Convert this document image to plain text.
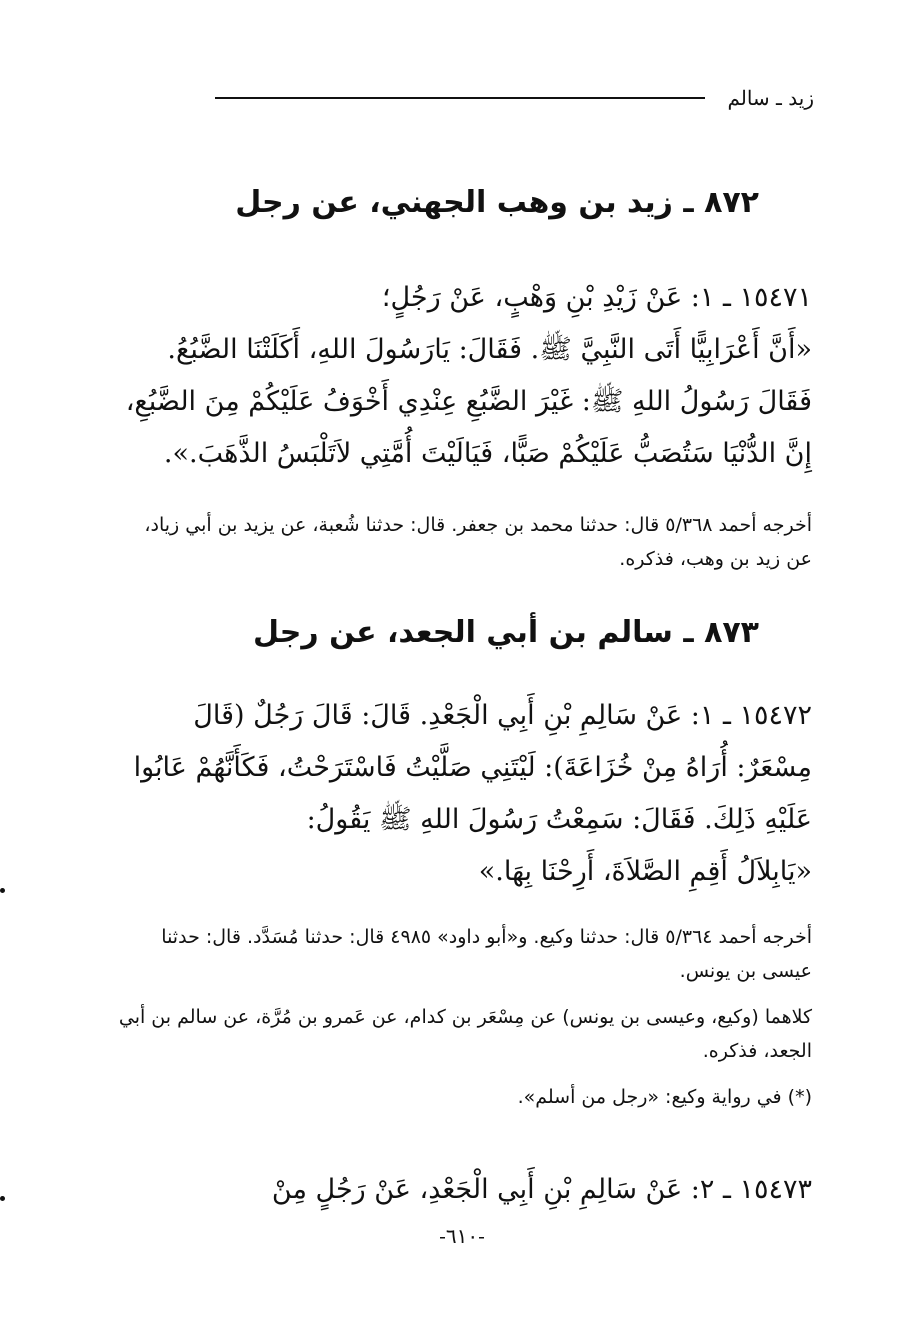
زيد ـ سالم
٨٧٢ ـ زيد بن وهب الجهني، عن رجل

١٥٤٧١ ـ ١: عَنْ زَيْدِ بْنِ وَهْبٍ، عَنْ رَجُلٍ؛

«أَنَّ أَعْرَابِيًّا أَتَى النَّبِيَّ ﷺ. فَقَالَ: يَارَسُولَ اللهِ، أَكَلَتْنَا الضَّبُعُ.

فَقَالَ رَسُولُ اللهِ ﷺ: غَيْرَ الضَّبُعِ عِنْدِي أَخْوَفُ عَلَيْكُمْ مِنَ الضَّبُعِ،

إِنَّ الدُّنْيَا سَتُصَبُّ عَلَيْكُمْ صَبًّا، فَيَالَيْتَ أُمَّتِي لاَتَلْبَسُ الذَّهَبَ.».

أخرجه أحمد ٥/٣٦٨ قال: حدثنا محمد بن جعفر. قال: حدثنا شُعبة، عن يزيد بن أبي زياد، عن زيد بن وهب، فذكره.

٨٧٣ ـ سالم بن أبي الجعد، عن رجل

١٥٤٧٢ ـ ١: عَنْ سَالِمِ بْنِ أَبِي الْجَعْدِ. قَالَ: قَالَ رَجُلٌ (قَالَ مِسْعَرٌ: أُرَاهُ مِنْ خُزَاعَةَ): لَيْتَنِي صَلَّيْتُ فَاسْتَرَحْتُ، فَكَأَنَّهُمْ عَابُوا عَلَيْهِ ذَلِكَ. فَقَالَ: سَمِعْتُ رَسُولَ اللهِ ﷺ يَقُولُ:

«يَابِلاَلُ أَقِمِ الصَّلاَةَ، أَرِحْنَا بِهَا.»

أخرجه أحمد ٥/٣٦٤ قال: حدثنا وكيع. و«أبو داود» ٤٩٨٥ قال: حدثنا مُسَدَّد. قال: حدثنا عيسى بن يونس.

كلاهما (وكيع، وعيسى بن يونس) عن مِسْعَر بن كدام، عن عَمرو بن مُرَّة، عن سالم بن أبي الجعد، فذكره.

(*) في رواية وكيع: «رجل من أسلم».

١٥٤٧٣ ـ ٢: عَنْ سَالِمِ بْنِ أَبِي الْجَعْدِ، عَنْ رَجُلٍ مِنْ

-٦١٠-
